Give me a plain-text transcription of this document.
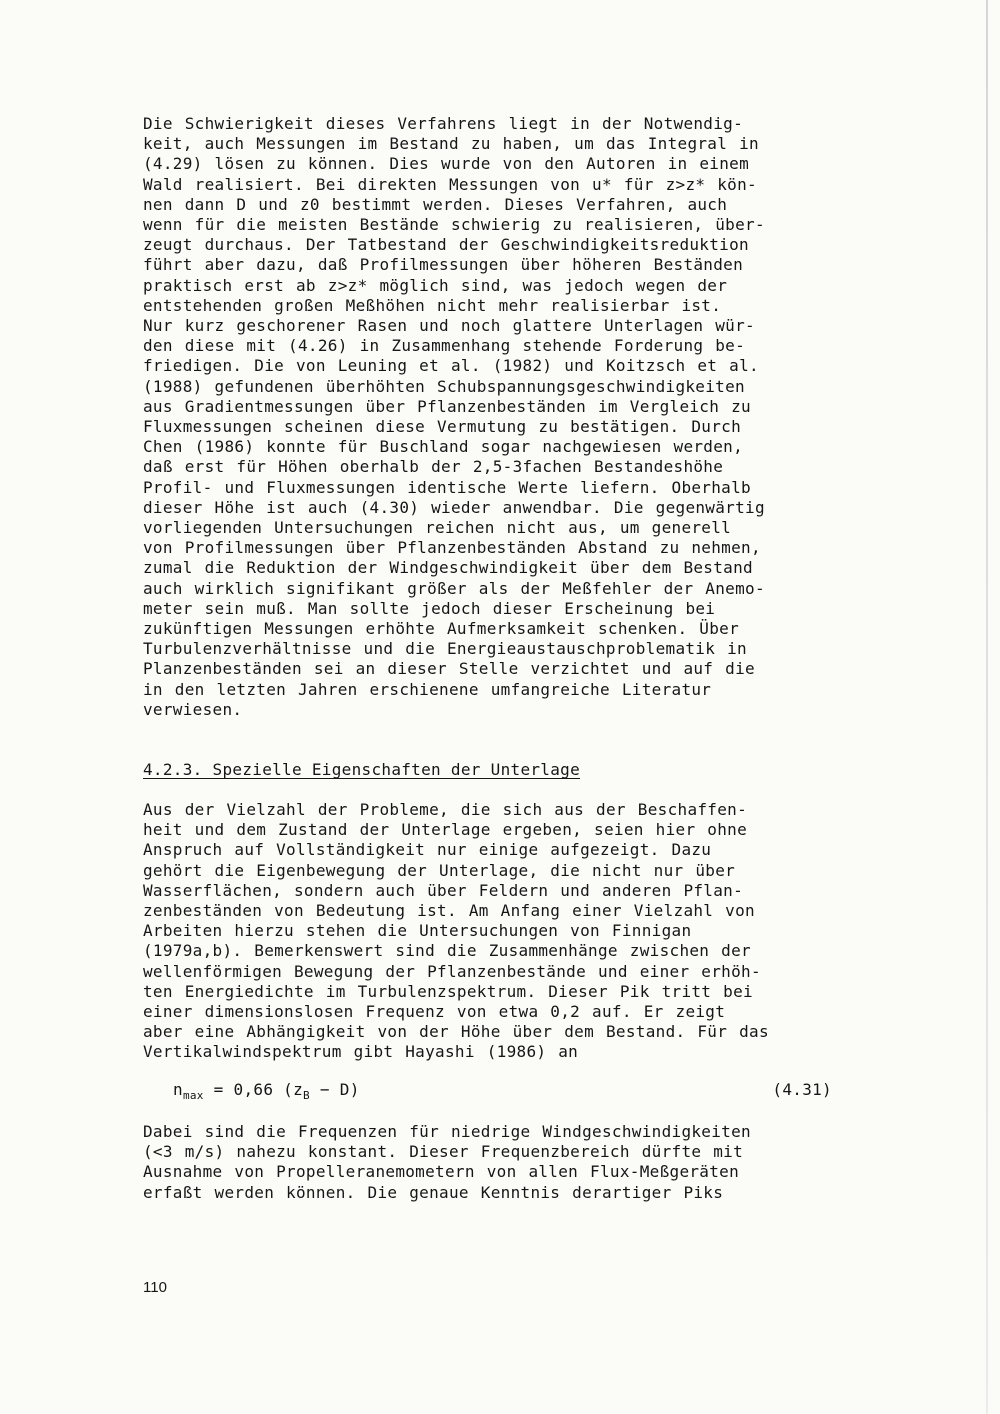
Die Schwierigkeit dieses Verfahrens liegt in der Notwendig-
keit, auch Messungen im Bestand zu haben, um das Integral in
(4.29) lösen zu können. Dies wurde von den Autoren in einem
Wald realisiert. Bei direkten Messungen von u* für z>z* kön-
nen dann D und z0 bestimmt werden. Dieses Verfahren, auch
wenn für die meisten Bestände schwierig zu realisieren, über-
zeugt durchaus. Der Tatbestand der Geschwindigkeitsreduktion
führt aber dazu, daß Profilmessungen über höheren Beständen
praktisch erst ab z>z* möglich sind, was jedoch wegen der
entstehenden großen Meßhöhen nicht mehr realisierbar ist.
Nur kurz geschorener Rasen und noch glattere Unterlagen wür-
den diese mit (4.26) in Zusammenhang stehende Forderung be-
friedigen. Die von Leuning et al. (1982) und Koitzsch et al.
(1988) gefundenen überhöhten Schubspannungsgeschwindigkeiten
aus Gradientmessungen über Pflanzenbeständen im Vergleich zu
Fluxmessungen scheinen diese Vermutung zu bestätigen. Durch
Chen (1986) konnte für Buschland sogar nachgewiesen werden,
daß erst für Höhen oberhalb der 2,5-3fachen Bestandeshöhe
Profil- und Fluxmessungen identische Werte liefern. Oberhalb
dieser Höhe ist auch (4.30) wieder anwendbar. Die gegenwärtig
vorliegenden Untersuchungen reichen nicht aus, um generell
von Profilmessungen über Pflanzenbeständen Abstand zu nehmen,
zumal die Reduktion der Windgeschwindigkeit über dem Bestand
auch wirklich signifikant größer als der Meßfehler der Anemo-
meter sein muß. Man sollte jedoch dieser Erscheinung bei
zukünftigen Messungen erhöhte Aufmerksamkeit schenken. Über
Turbulenzverhältnisse und die Energieaustauschproblematik in
Planzenbeständen sei an dieser Stelle verzichtet und auf die
in den letzten Jahren erschienene umfangreiche Literatur
verwiesen.
4.2.3. Spezielle Eigenschaften der Unterlage
Aus der Vielzahl der Probleme, die sich aus der Beschaffen-
heit und dem Zustand der Unterlage ergeben, seien hier ohne
Anspruch auf Vollständigkeit nur einige aufgezeigt. Dazu
gehört die Eigenbewegung der Unterlage, die nicht nur über
Wasserflächen, sondern auch über Feldern und anderen Pflan-
zenbeständen von Bedeutung ist. Am Anfang einer Vielzahl von
Arbeiten hierzu stehen die Untersuchungen von Finnigan
(1979a,b). Bemerkenswert sind die Zusammenhänge zwischen der
wellenförmigen Bewegung der Pflanzenbestände und einer erhöh-
ten Energiedichte im Turbulenzspektrum. Dieser Pik tritt bei
einer dimensionslosen Frequenz von etwa 0,2 auf. Er zeigt
aber eine Abhängigkeit von der Höhe über dem Bestand. Für das
Vertikalwindspektrum gibt Hayashi (1986) an
$n_{max} = 0,66$ $(z_B - D)$	(4.31)
Dabei sind die Frequenzen für niedrige Windgeschwindigkeiten
(<3 m/s) nahezu konstant. Dieser Frequenzbereich dürfte mit
Ausnahme von Propelleranemometern von allen Flux-Meßgeräten
erfaßt werden können. Die genaue Kenntnis derartiger Piks
110
